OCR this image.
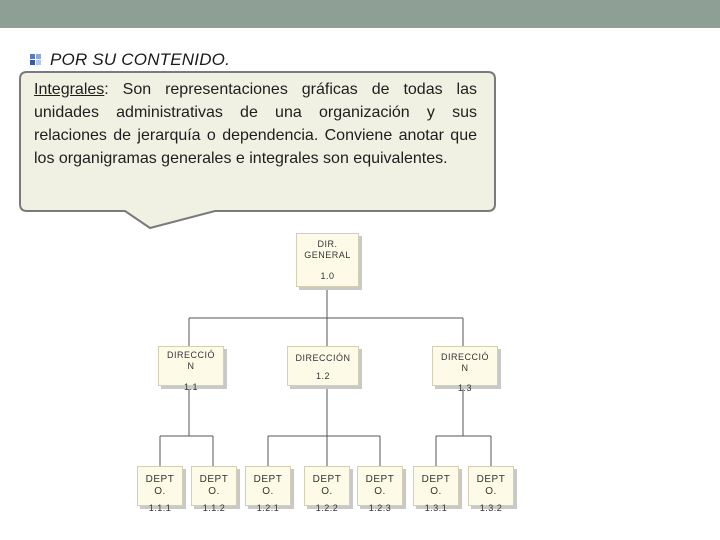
POR SU CONTENIDO.
Integrales: Son representaciones gráficas de todas las unidades administrativas de una organización y sus relaciones de jerarquía o dependencia. Conviene anotar que los organigramas generales e integrales son equivalentes.
DIR.
GENERAL
1.0
DIRECCIÓ
N
1.1
DIRECCIÓN
1.2
DIRECCIÓ
N
1.3
DEPT
O.
1.1.1
DEPT
O.
1.1.2
DEPT
O.
1.2.1
DEPT
O.
1.2.2
DEPT
O.
1.2.3
DEPT
O.
1.3.1
DEPT
O.
1.3.2
